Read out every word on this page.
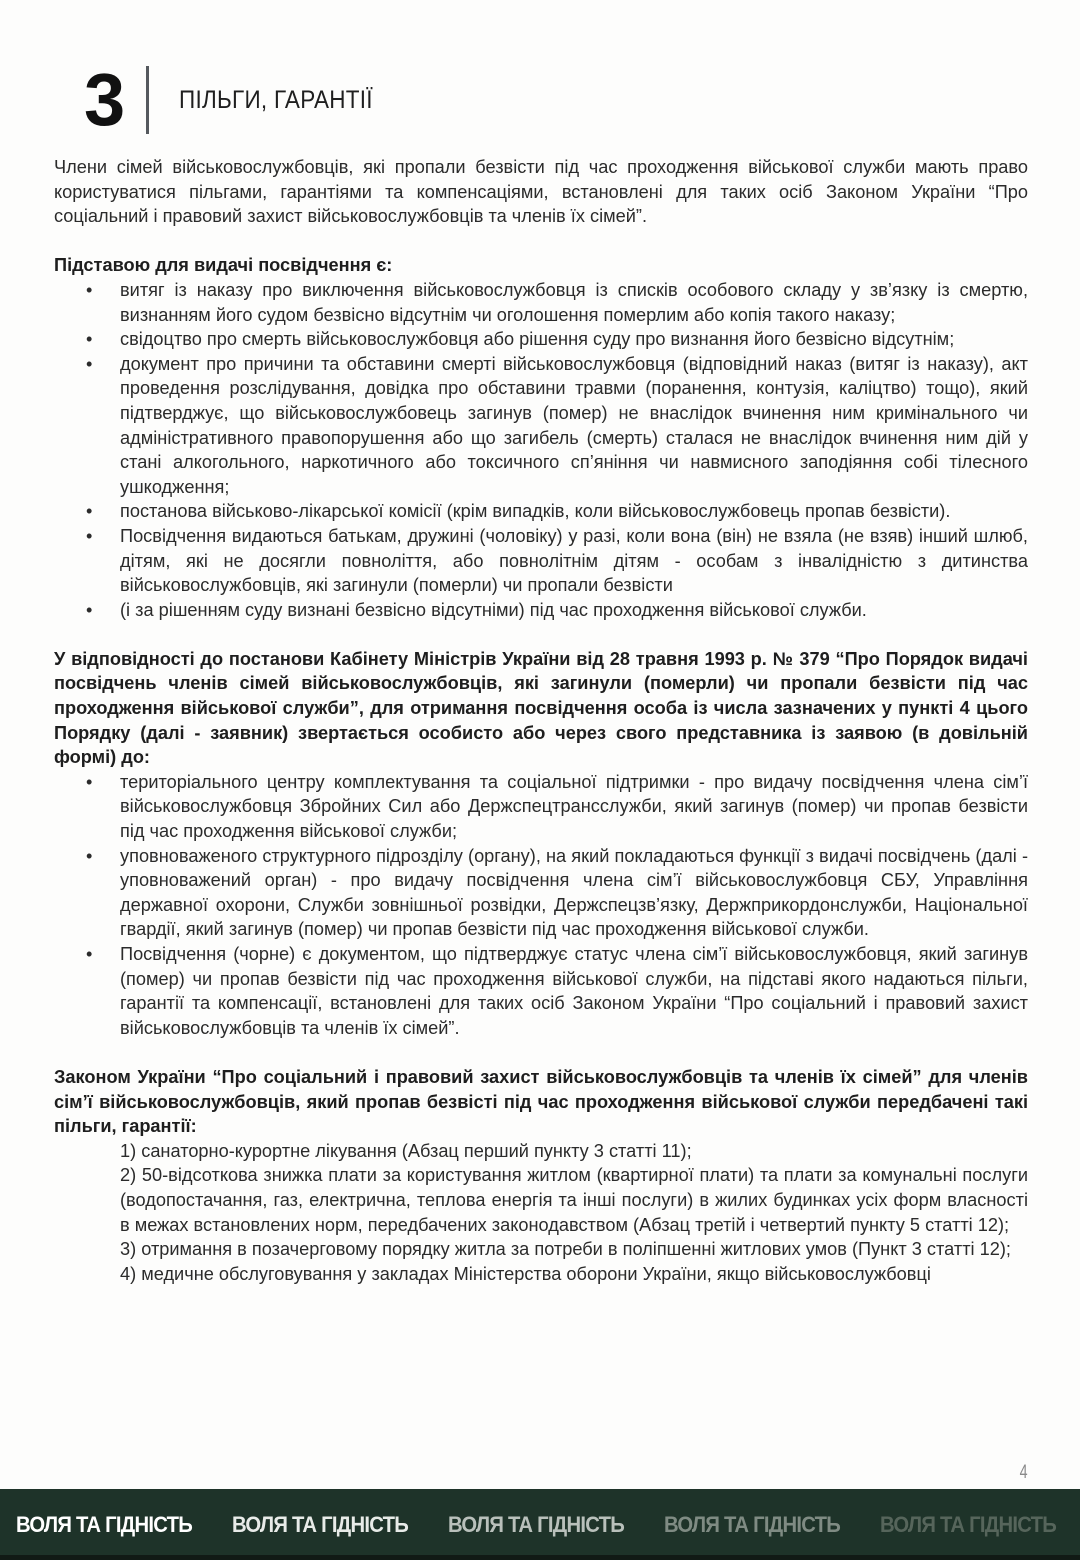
3 ПІЛЬГИ, ГАРАНТІЇ

Члени сімей військовослужбовців, які пропали безвісти під час проходження військової служби мають право користуватися пільгами, гарантіями та компенсаціями, встановлені для таких осіб Законом України “Про соціальний і правовий захист військовослужбовців та членів їх сімей”.

Підставою для видачі посвідчення є:

• витяг із наказу про виключення військовослужбовця із списків особового складу у зв’язку із смертю, визнанням його судом безвісно відсутнім чи оголошення померлим або копія такого наказу;
• свідоцтво про смерть військовослужбовця або рішення суду про визнання його безвісно відсутнім;
• документ про причини та обставини смерті військовослужбовця (відповідний наказ (витяг із наказу), акт проведення розслідування, довідка про обставини травми (поранення, контузія, каліцтво) тощо), який підтверджує, що військовослужбовець загинув (помер) не внаслідок вчинення ним кримінального чи адміністративного правопорушення або що загибель (смерть) сталася не внаслідок вчинення ним дій у стані алкогольного, наркотичного або токсичного сп’яніння чи навмисного заподіяння собі тілесного ушкодження;
• постанова військово-лікарської комісії (крім випадків, коли військовослужбовець пропав безвісти).
• Посвідчення видаються батькам, дружині (чоловіку) у разі, коли вона (він) не взяла (не взяв) інший шлюб, дітям, які не досягли повноліття, або повнолітнім дітям - особам з інвалідністю з дитинства військовослужбовців, які загинули (померли) чи пропали безвісти
• (і за рішенням суду визнані безвісно відсутніми) під час проходження військової служби.

У відповідності до постанови Кабінету Міністрів України від 28 травня 1993 р. № 379 “Про Порядок видачі посвідчень членів сімей військовослужбовців, які загинули (померли) чи пропали безвісти під час проходження військової служби”, для отримання посвідчення особа із числа зазначених у пункті 4 цього Порядку (далі - заявник) звертається особисто або через свого представника із заявою (в довільній формі) до:

• територіального центру комплектування та соціальної підтримки - про видачу посвідчення члена сім’ї військовослужбовця Збройних Сил або Держспецтрансслужби, який загинув (помер) чи пропав безвісти під час проходження військової служби;
• уповноваженого структурного підрозділу (органу), на який покладаються функції з видачі посвідчень (далі - уповноважений орган) - про видачу посвідчення члена сім’ї військовослужбовця СБУ, Управління державної охорони, Служби зовнішньої розвідки, Держспецзв’язку, Держприкордонслужби, Національної гвардії, який загинув (помер) чи пропав безвісти під час проходження військової служби.
• Посвідчення (чорне) є документом, що підтверджує статус члена сім’ї військовослужбовця, який загинув (помер) чи пропав безвісти під час проходження військової служби, на підставі якого надаються пільги, гарантії та компенсації, встановлені для таких осіб Законом України “Про соціальний і правовий захист військовослужбовців та членів їх сімей”.

Законом України “Про соціальний і правовий захист військовослужбовців та членів їх сімей” для членів сім’ї військовослужбовців, який пропав безвісті під час проходження військової служби передбачені такі пільги, гарантії:

1) санаторно-курортне лікування (Абзац перший пункту 3 статті 11);
2) 50-відсоткова знижка плати за користування житлом (квартирної плати) та плати за комунальні послуги (водопостачання, газ, електрична, теплова енергія та інші послуги) в жилих будинках усіх форм власності в межах встановлених норм, передбачених законодавством (Абзац третій і четвертий пункту 5 статті 12);
3) отримання в позачерговому порядку житла за потреби в поліпшенні житлових умов (Пункт 3 статті 12);
4) медичне обслуговування у закладах Міністерства оборони України, якщо військовослужбовці
4
ВОЛЯ ТА ГІДНІСТЬ ВОЛЯ ТА ГІДНІСТЬ ВОЛЯ ТА ГІДНІСТЬ ВОЛЯ ТА ГІДНІСТЬ ВОЛЯ ТА ГІДНІСТЬ
